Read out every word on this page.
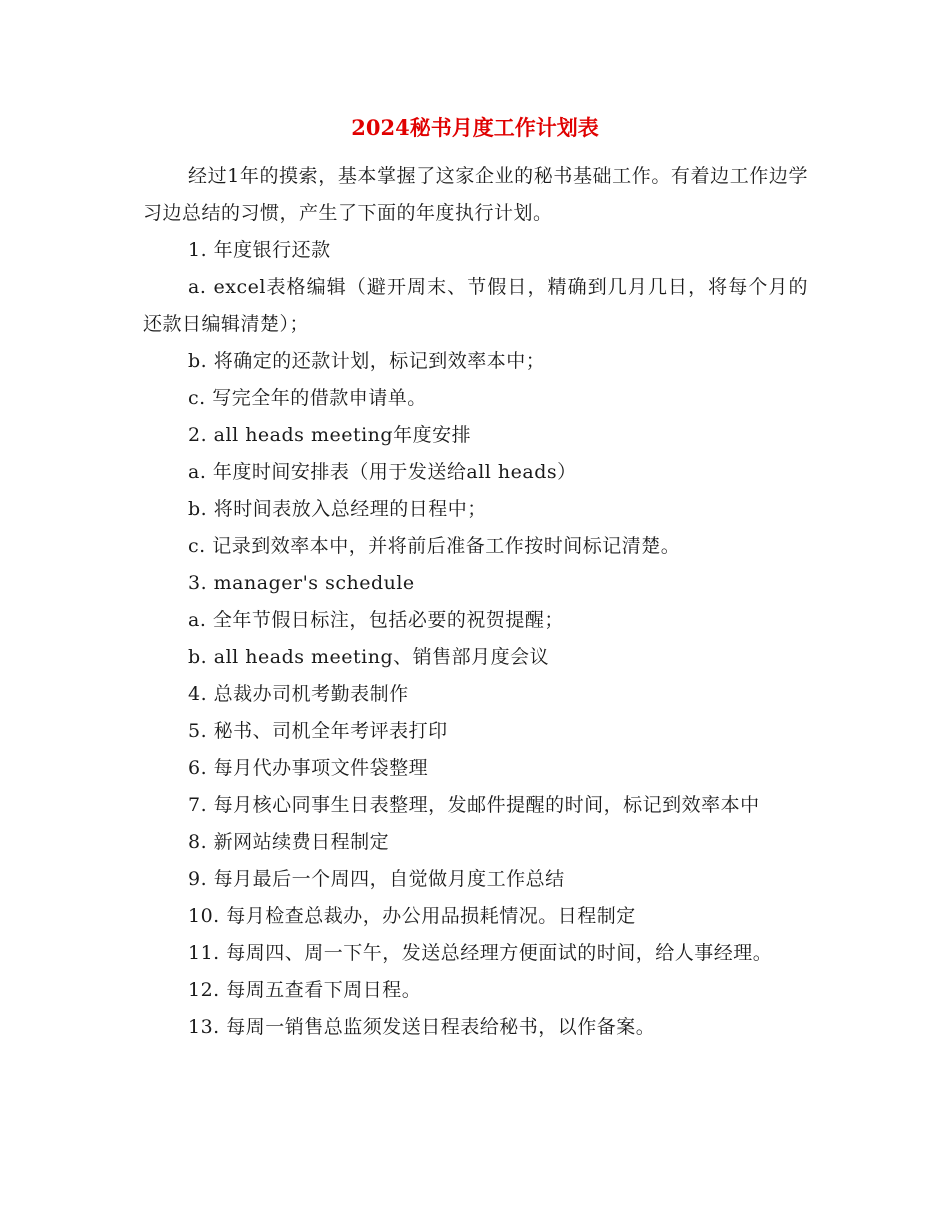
2024秘书月度工作计划表

经过1年的摸索，基本掌握了这家企业的秘书基础工作。有着边工作边学习边总结的习惯，产生了下面的年度执行计划。

1. 年度银行还款

a. excel表格编辑（避开周末、节假日，精确到几月几日，将每个月的还款日编辑清楚）；

b. 将确定的还款计划，标记到效率本中；

c. 写完全年的借款申请单。

2. all heads meeting年度安排

a. 年度时间安排表（用于发送给all heads）

b. 将时间表放入总经理的日程中；

c. 记录到效率本中，并将前后准备工作按时间标记清楚。

3. manager's schedule

a. 全年节假日标注，包括必要的祝贺提醒；

b. all heads meeting、销售部月度会议

4. 总裁办司机考勤表制作

5. 秘书、司机全年考评表打印

6. 每月代办事项文件袋整理

7. 每月核心同事生日表整理，发邮件提醒的时间，标记到效率本中

8. 新网站续费日程制定

9. 每月最后一个周四，自觉做月度工作总结

10. 每月检查总裁办，办公用品损耗情况。日程制定

11. 每周四、周一下午，发送总经理方便面试的时间，给人事经理。

12. 每周五查看下周日程。

13. 每周一销售总监须发送日程表给秘书，以作备案。
